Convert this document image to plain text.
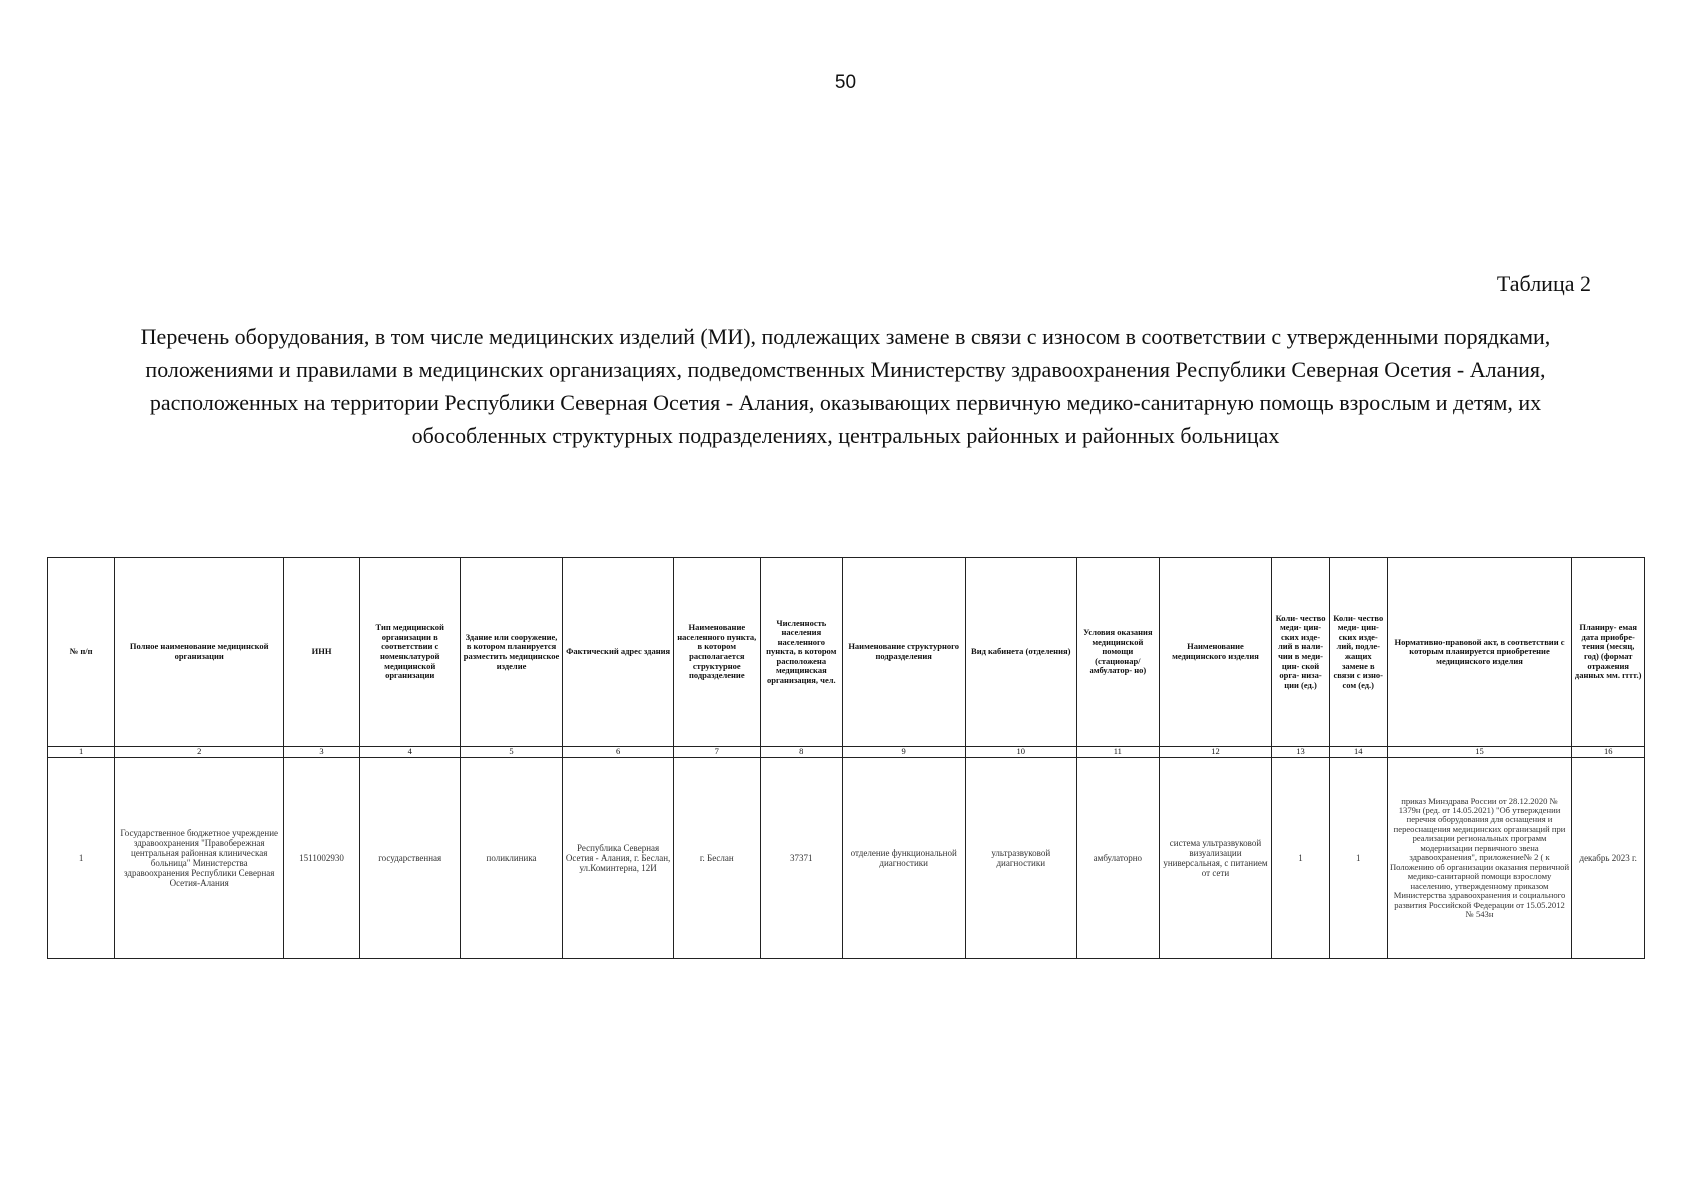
50
Таблица 2
Перечень оборудования, в том числе медицинских изделий (МИ), подлежащих замене в связи с износом в соответствии с утвержденными порядками, положениями и правилами в медицинских организациях, подведомственных Министерству здравоохранения Республики Северная Осетия - Алания, расположенных на территории Республики Северная Осетия - Алания, оказывающих первичную медико-санитарную помощь взрослым и детям, их обособленных структурных подразделениях, центральных районных и районных больницах
№ п/п	Полное наименование медицинской организации	ИНН	Тип медицинской организации в соответствии с номенклатурой медицинской организации	Здание или сооружение, в котором планируется разместить медицинское изделие	Фактический адрес здания	Наименование населенного пункта, в котором располагается структурное подразделение	Численность населения населенного пункта, в котором расположена медицинская организация, чел.	Наименование структурного подразделения	Вид кабинета (отделения)	Условия оказания медицинской помощи (стационар/ амбулатор- но)	Наименование медицинского изделия	Коли- чество меди- цин- ских изде- лий в нали- чии в меди- цин- ской орга- низа- ции (ед.)	Коли- чество меди- цин- ских изде- лий, подле- жащих замене в связи с изно- сом (ед.)	Нормативно-правовой акт, в соответствии с которым планируется приобретение медицинского изделия	Планиру- емая дата приобре- тения (месяц, год) (формат отражения данных мм. гггг.)
1	2	3	4	5	6	7	8	9	10	11	12	13	14	15	16
1	Государственное бюджетное учреждение здравоохранения "Правобережная центральная районная клиническая больница" Министерства здравоохранения Республики Северная Осетия-Алания	1511002930	государственная	поликлиника	Республика Северная Осетия - Алания, г. Беслан, ул.Коминтерна, 12И	г. Беслан	37371	отделение функциональной диагностики	ультразвуковой диагностики	амбулаторно	система ультразвуковой визуализации универсальная, с питанием от сети	1	1	приказ Минздрава России от 28.12.2020 № 1379н (ред. от 14.05.2021) "Об утверждении перечня оборудования для оснащения и переоснащения медицинских организаций при реализации региональных программ модернизации первичного звена здравоохранения", приложение№ 2 ( к Положению об организации оказания первичной медико-санитарной помощи взрослому населению, утвержденному приказом Министерства здравоохранения и социального развития Российской Федерации от 15.05.2012 № 543н	декабрь 2023 г.
